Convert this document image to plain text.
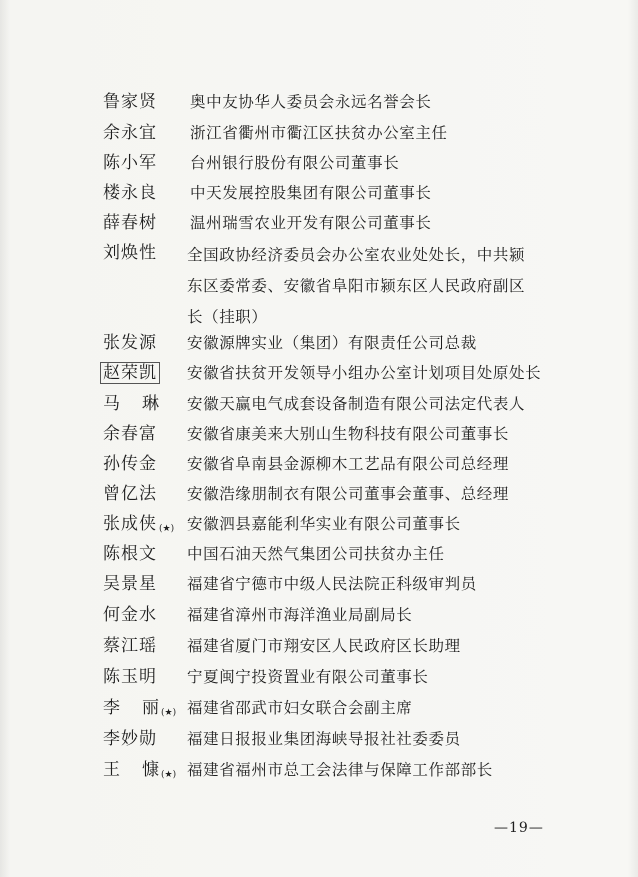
鲁家贤 奥中友协华人委员会永远名誉会长
余永宜 浙江省衢州市衢江区扶贫办公室主任
陈小军 台州银行股份有限公司董事长
楼永良 中天发展控股集团有限公司董事长
薛春树 温州瑞雪农业开发有限公司董事长
刘焕性 全国政协经济委员会办公室农业处处长，中共颍
东区委常委、安徽省阜阳市颍东区人民政府副区
长（挂职）
张发源 安徽源牌实业（集团）有限责任公司总裁
赵荣凯 安徽省扶贫开发领导小组办公室计划项目处原处长
马 琳 安徽天赢电气成套设备制造有限公司法定代表人
余春富 安徽省康美来大别山生物科技有限公司董事长
孙传金 安徽省阜南县金源柳木工艺品有限公司总经理
曾亿法 安徽浩缘朋制衣有限公司董事会董事、总经理
张成侠 (★) 安徽泗县嘉能利华实业有限公司董事长
陈根文 中国石油天然气集团公司扶贫办主任
吴景星 福建省宁德市中级人民法院正科级审判员
何金水 福建省漳州市海洋渔业局副局长
蔡江瑶 福建省厦门市翔安区人民政府区长助理
陈玉明 宁夏闽宁投资置业有限公司董事长
李 丽 (★) 福建省邵武市妇女联合会副主席
李妙勋 福建日报报业集团海峡导报社社委委员
王 慷 (★) 福建省福州市总工会法律与保障工作部部长
—19—
